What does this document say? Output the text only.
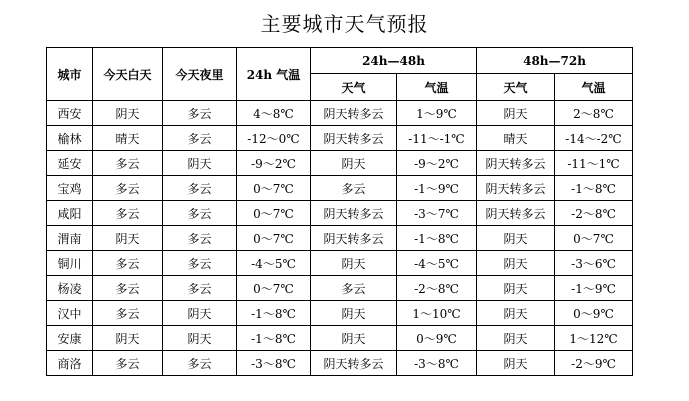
主要城市天气预报
城市	今天白天	今天夜里	24h 气温	24h—48h		48h—72h	
				天气	气温	天气	气温
西安	阴天	多云	4～8℃	阴天转多云	1～9℃	阴天	2～8℃
榆林	晴天	多云	-12～0℃	阴天转多云	-11～-1℃	晴天	-14～-2℃
延安	多云	阴天	-9～2℃	阴天	-9～2℃	阴天转多云	-11～1℃
宝鸡	多云	多云	0～7℃	多云	-1～9℃	阴天转多云	-1～8℃
咸阳	多云	多云	0～7℃	阴天转多云	-3～7℃	阴天转多云	-2～8℃
渭南	阴天	多云	0～7℃	阴天转多云	-1～8℃	阴天	0～7℃
铜川	多云	多云	-4～5℃	阴天	-4～5℃	阴天	-3～6℃
杨凌	多云	多云	0～7℃	多云	-2～8℃	阴天	-1～9℃
汉中	多云	阴天	-1～8℃	阴天	1～10℃	阴天	0～9℃
安康	阴天	阴天	-1～8℃	阴天	0～9℃	阴天	1～12℃
商洛	多云	多云	-3～8℃	阴天转多云	-3～8℃	阴天	-2～9℃
